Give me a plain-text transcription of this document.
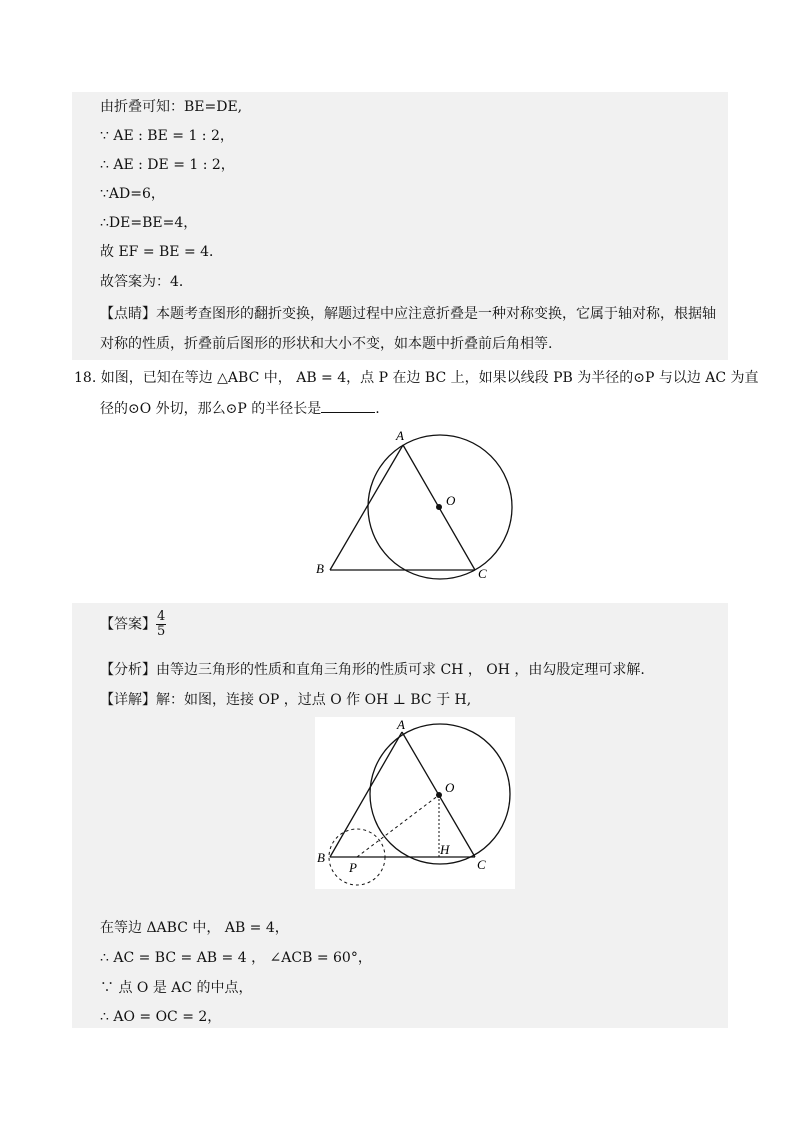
由折叠可知：BE=DE,
∵ AE : BE = 1 : 2，
∴ AE : DE = 1 : 2，
∵AD=6，
∴DE=BE=4，
故 EF = BE = 4．
故答案为：4．
【点睛】本题考查图形的翻折变换，解题过程中应注意折叠是一种对称变换，它属于轴对称，根据轴
对称的性质，折叠前后图形的形状和大小不变，如本题中折叠前后角相等.
18. 如图，已知在等边 △ABC 中， AB = 4，点 P 在边 BC 上，如果以线段 PB 为半径的⊙P 与以边 AC 为直
径的⊙O 外切，那么⊙P 的半径长是	.
A
B	C
O
【答案】 $\frac{4}{5}$
【分析】由等边三角形的性质和直角三角形的性质可求 CH ， OH ，由勾股定理可求解.
【详解】解：如图，连接 OP ，过点 O 作 OH ⊥ BC 于 H,
A
B	C
O
H
P
在等边 ΔABC 中， AB = 4，
∴ AC = BC = AB = 4 ， ∠ACB = 60°，
∵ 点 O 是 AC 的中点，
∴ AO = OC = 2，
